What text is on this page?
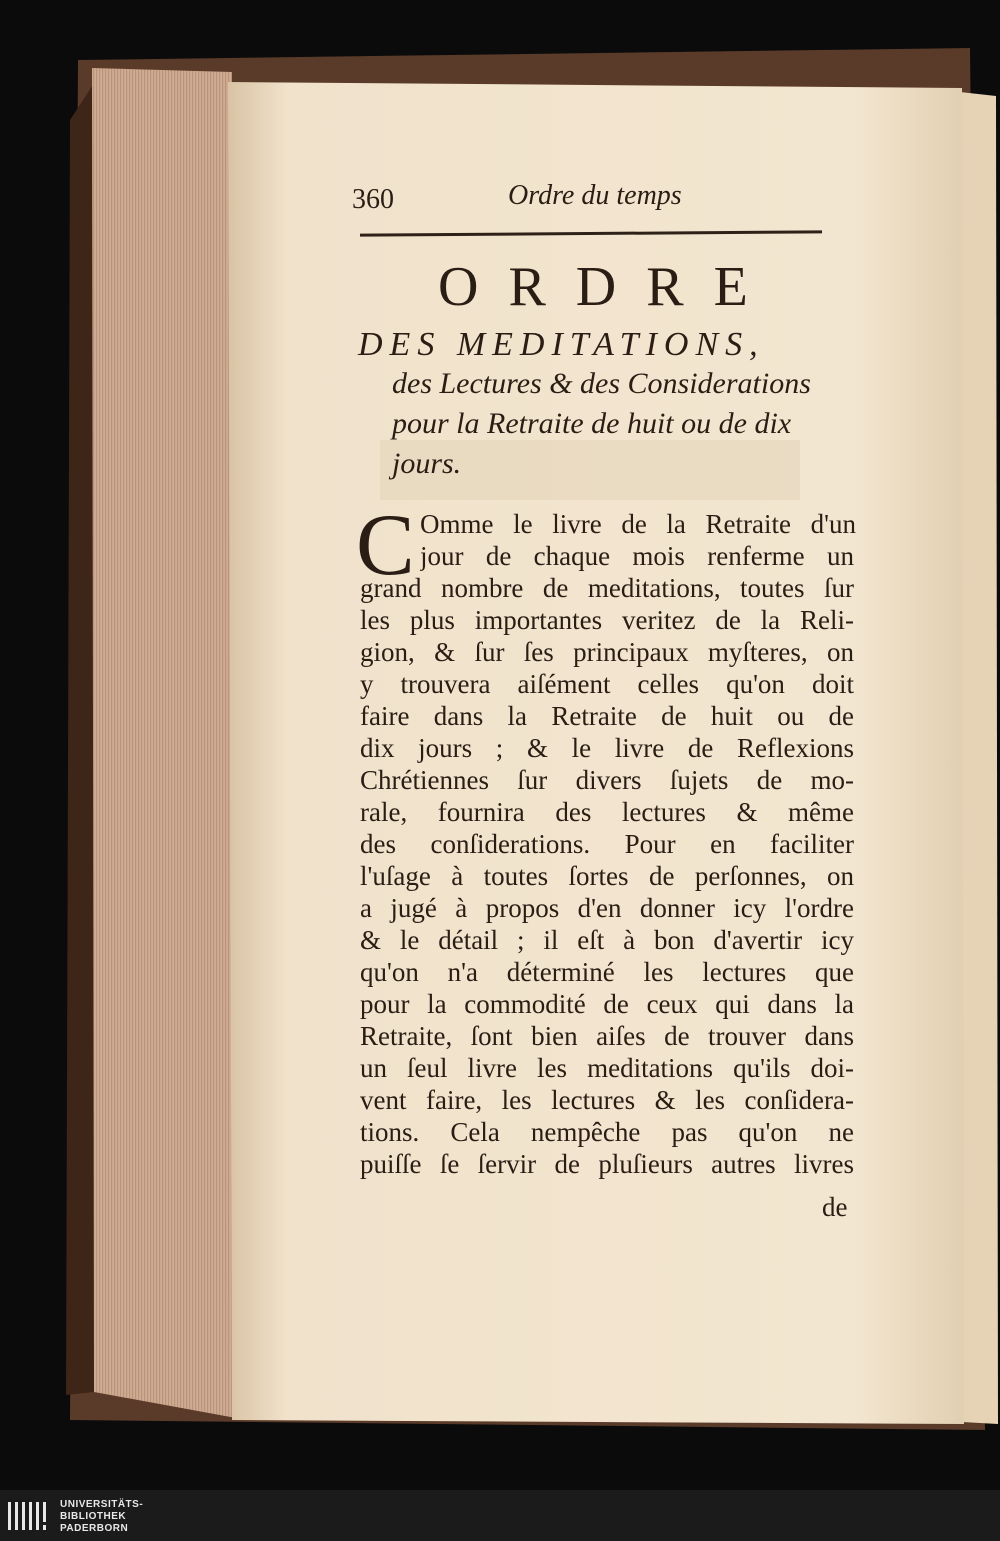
360	Ordre du temps
ORDRE
DES MEDITATIONS,
des Lectures & des Considerations
pour la Retraite de huit ou de dix
jours.
C Omme le livre de la Retraite d'un
jour de chaque mois renferme un
grand nombre de meditations, toutes ſur
les plus importantes veritez de la Reli-
gion, & ſur ſes principaux myſteres, on
y trouvera aiſément celles qu'on doit
faire dans la Retraite de huit ou de
dix jours ; & le livre de Reflexions
Chrétiennes ſur divers ſujets de mo-
rale, fournira des lectures & même
des conſiderations. Pour en faciliter
l'uſage à toutes ſortes de perſonnes, on
a jugé à propos d'en donner icy l'ordre
& le détail ; il eſt à bon d'avertir icy
qu'on n'a déterminé les lectures que
pour la commodité de ceux qui dans la
Retraite, ſont bien aiſes de trouver dans
un ſeul livre les meditations qu'ils doi-
vent faire, les lectures & les conſidera-
tions. Cela nempêche pas qu'on ne
puiſſe ſe ſervir de pluſieurs autres livres
de
UNIVERSITÄTS-
BIBLIOTHEK
PADERBORN
